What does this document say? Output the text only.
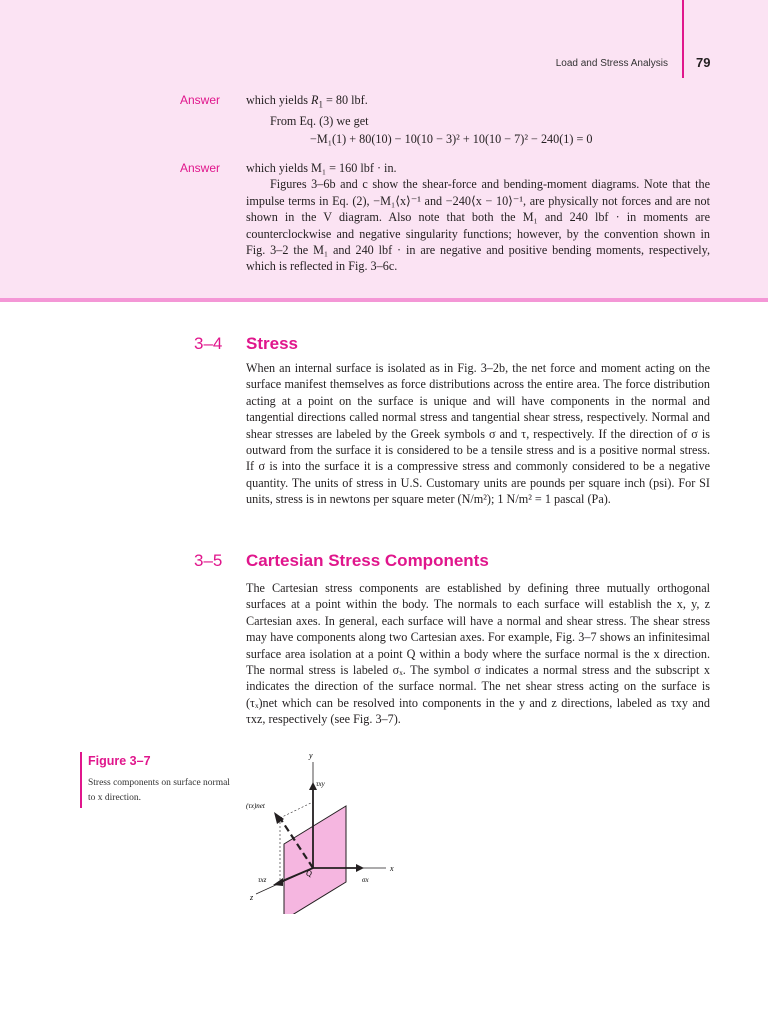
Load and Stress Analysis 79
Answer which yields $R_1 = 80$ lbf.

From Eq. (3) we get

−M₁(1) + 80(10) − 10(10 − 3)² + 10(10 − 7)² − 240(1) = 0
Answer which yields M₁ = 160 lbf · in.

Figures 3–6b and c show the shear-force and bending-moment diagrams. Note that the impulse terms in Eq. (2), −M₁⟨x⟩⁻¹ and −240⟨x − 10⟩⁻¹, are physically not forces and are not shown in the V diagram. Also note that both the M₁ and 240 lbf · in moments are counterclockwise and negative singularity functions; however, by the convention shown in Fig. 3–2 the M₁ and 240 lbf · in are negative and positive bending moments, respectively, which is reflected in Fig. 3–6c.

3–4 Stress

When an internal surface is isolated as in Fig. 3–2b, the net force and moment acting on the surface manifest themselves as force distributions across the entire area. The force distribution acting at a point on the surface is unique and will have components in the normal and tangential directions called normal stress and tangential shear stress, respectively. Normal and shear stresses are labeled by the Greek symbols σ and τ, respectively. If the direction of σ is outward from the surface it is considered to be a tensile stress and is a positive normal stress. If σ is into the surface it is a compressive stress and commonly considered to be a negative quantity. The units of stress in U.S. Customary units are pounds per square inch (psi). For SI units, stress is in newtons per square meter (N/m²); 1 N/m² = 1 pascal (Pa).

3–5 Cartesian Stress Components

The Cartesian stress components are established by defining three mutually orthogonal surfaces at a point within the body. The normals to each surface will establish the x, y, z Cartesian axes. In general, each surface will have a normal and shear stress. The shear stress may have components along two Cartesian axes. For example, Fig. 3–7 shows an infinitesimal surface area isolation at a point Q within a body where the surface normal is the x direction. The normal stress is labeled σₓ. The symbol σ indicates a normal stress and the subscript x indicates the direction of the surface normal. The net shear stress acting on the surface is (τₓ)net which can be resolved into components in the y and z directions, labeled as τxy and τxz, respectively (see Fig. 3–7).

Figure 3–7
Stress components on surface normal to x direction.
y
x
z
Q
σx
τxy
τxz
(τx)net
